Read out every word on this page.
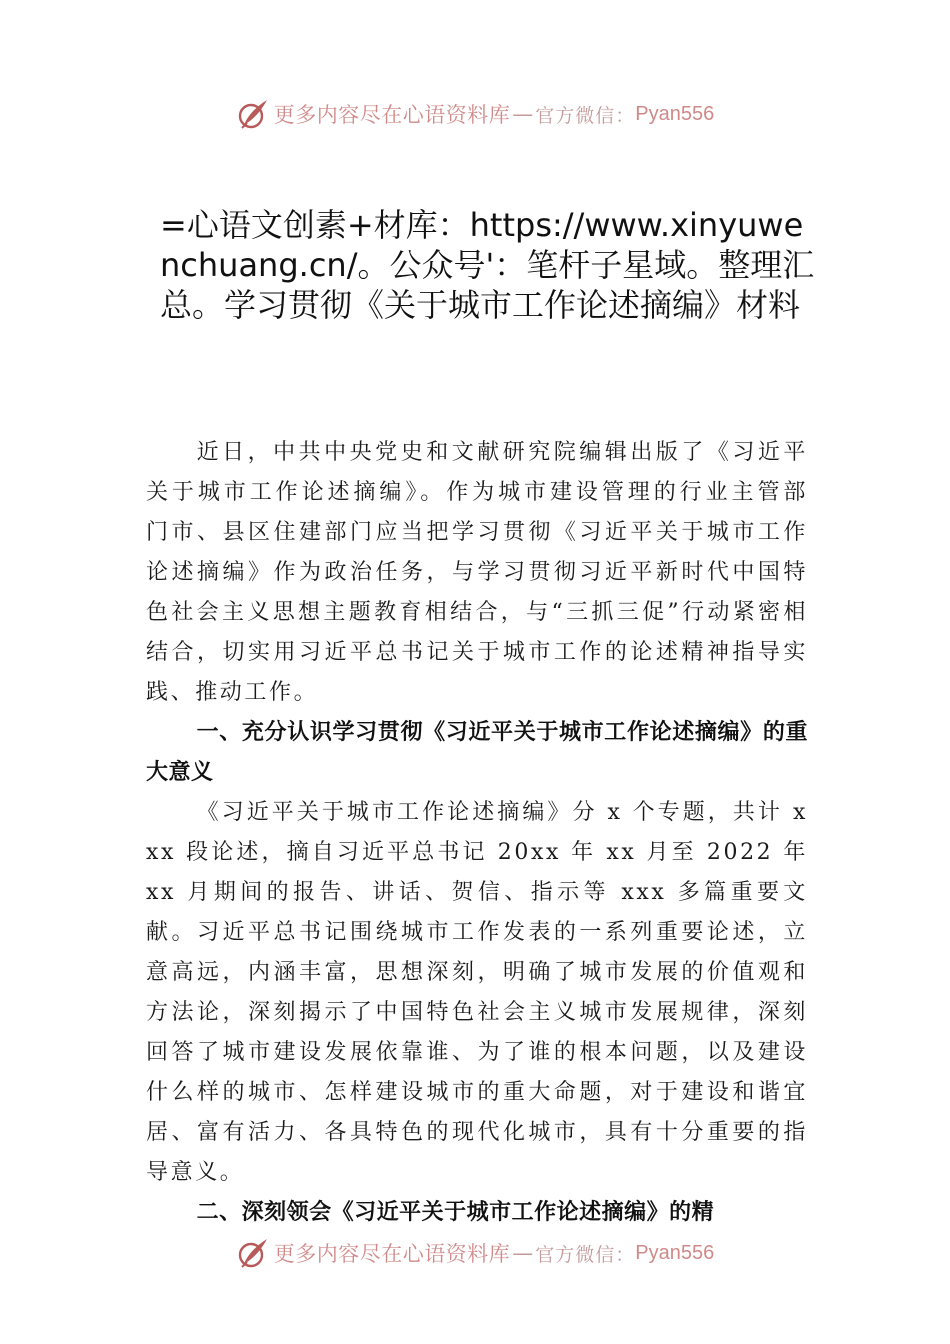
更多内容尽在心语资料库 — 官方微信： Pyan556
=心语文创素+材库：https://www.xinyuwenchuang.cn/。公众号'：笔杆子星域。整理汇总。学习贯彻《关于城市工作论述摘编》材料

近日，中共中央党史和文献研究院编辑出版了《习近平关于城市工作论述摘编》。作为城市建设管理的行业主管部 门市、县区住建部门应当把学习贯彻《习近平关于城市工作论述摘编》作为政治任务，与学习贯彻习近平新时代中国特色社会主义思想主题教育相结合，与“三抓三促”行动紧密相结合，切实用习近平总书记关于城市工作的论述精神指导实践、推动工作。

一、充分认识学习贯彻《习近平关于城市工作论述摘编》的重大意义

《习近平关于城市工作论述摘编》分 x 个专题，共计 xxx 段论述，摘自习近平总书记 20xx 年 xx 月至 2022 年 xx 月期间的报告、讲话、贺信、指示等 xxx 多篇重要文献。习近平总书记围绕城市工作发表的一系列重要论述，立意高远，内涵丰富，思想深刻，明确了城市发展的价值观和方法论，深刻揭示了中国特色社会主义城市发展规律，深刻回答了城市建设发展依靠谁、为了谁的根本问题，以及建设什么样的城市、怎样建设城市的重大命题，对于建设和谐宜居、富有活力、各具特色的现代化城市，具有十分重要的指导意义。

二、深刻领会《习近平关于城市工作论述摘编》的精
更多内容尽在心语资料库 — 官方微信： Pyan556
